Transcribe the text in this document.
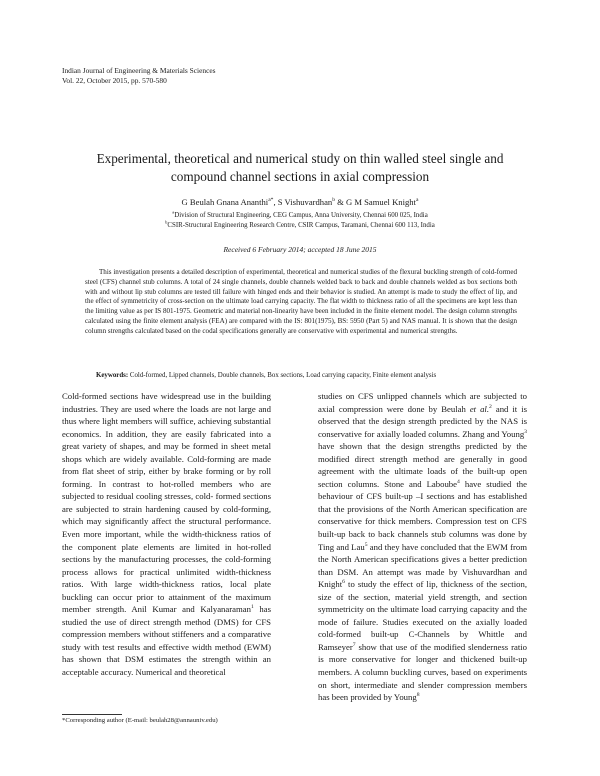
Indian Journal of Engineering & Materials Sciences
Vol. 22, October 2015, pp. 570-580
Experimental, theoretical and numerical study on thin walled steel single and
compound channel sections in axial compression
G Beulah Gnana Ananthi$^{a*}$, S Vishuvardhan$^b$ & G M Samuel Knight$^a$
$^a$Division of Structural Engineering, CEG Campus, Anna University, Chennai 600 025, India
$^b$CSIR-Structural Engineering Research Centre, CSIR Campus, Taramani, Chennai 600 113, India
Received 6 February 2014; accepted 18 June 2015

This investigation presents a detailed description of experimental, theoretical and numerical studies of the flexural buckling strength of cold-formed steel (CFS) channel stub columns. A total of 24 single channels, double channels welded back to back and double channels welded as box sections both with and without lip stub columns are tested till failure with hinged ends and their behavior is studied. An attempt is made to study the effect of lip, and the effect of symmetricity of cross-section on the ultimate load carrying capacity. The flat width to thickness ratio of all the specimens are kept less than the limiting value as per IS 801-1975. Geometric and material non-linearity have been included in the finite element model. The design column strengths calculated using the finite element analysis (FEA) are compared with the IS: 801(1975), BS: 5950 (Part 5) and NAS manual. It is shown that the design column strengths calculated based on the codal specifications generally are conservative with experimental and numerical strengths.

Keywords: Cold-formed, Lipped channels, Double channels, Box sections, Load carrying capacity, Finite element analysis

Cold-formed sections have widespread use in the building industries. They are used where the loads are not large and thus where light members will suffice, achieving substantial economics. In addition, they are easily fabricated into a great variety of shapes, and may be formed in sheet metal shops which are widely available. Cold-forming are made from flat sheet of strip, either by brake forming or by roll forming. In contrast to hot-rolled members who are subjected to residual cooling stresses, cold- formed sections are subjected to strain hardening caused by cold-forming, which may significantly affect the structural performance. Even more important, while the width-thickness ratios of the component plate elements are limited in hot-rolled sections by the manufacturing processes, the cold-forming process allows for practical unlimited width-thickness ratios. With large width-thickness ratios, local plate buckling can occur prior to attainment of the maximum member strength. Anil Kumar and Kalyanaraman$^1$ has studied the use of direct strength method (DMS) for CFS compression members without stiffeners and a comparative study with test results and effective width method (EWM) has shown that DSM estimates the strength within an acceptable accuracy. Numerical and theoretical

studies on CFS unlipped channels which are subjected to axial compression were done by Beulah et al.$^2$ and it is observed that the design strength predicted by the NAS is conservative for axially loaded columns. Zhang and Young$^3$ have shown that the design strengths predicted by the modified direct strength method are generally in good agreement with the ultimate loads of the built-up open section columns. Stone and Laboube$^4$ have studied the behaviour of CFS built-up –I sections and has established that the provisions of the North American specification are conservative for thick members. Compression test on CFS built-up back to back channels stub columns was done by Ting and Lau$^5$ and they have concluded that the EWM from the North American specifications gives a better prediction than DSM. An attempt was made by Vishuvardhan and Knight$^6$ to study the effect of lip, thickness of the section, size of the section, material yield strength, and section symmetricity on the ultimate load carrying capacity and the mode of failure. Studies executed on the axially loaded cold-formed built-up C-Channels by Whittle and Ramseyer$^7$ show that use of the modified slenderness ratio is more conservative for longer and thickened built-up members. A column buckling curves, based on experiments on short, intermediate and slender compression members has been provided by Young$^8$

*Corresponding author (E-mail: beulah28@annauniv.edu)
